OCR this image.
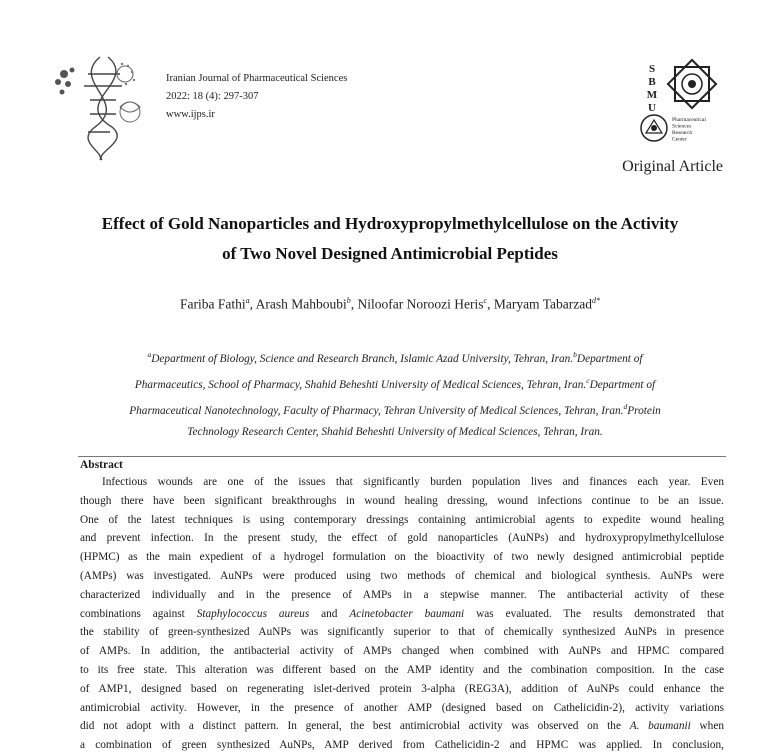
Iranian Journal of Pharmaceutical Sciences
2022: 18 (4): 297-307
www.ijps.ir
S
B
M
U
Pharmaceutical
Sciences
Research
Center
Original Article
Effect of Gold Nanoparticles and Hydroxypropylmethylcellulose on the Activity
of Two Novel Designed Antimicrobial Peptides
Fariba Fathi$^a$, Arash Mahboubi$^b$, Niloofar Noroozi Heris$^c$, Maryam Tabarzad$^{d*}$
$^a$Department of Biology, Science and Research Branch, Islamic Azad University, Tehran, Iran.$^b$Department of
Pharmaceutics, School of Pharmacy, Shahid Beheshti University of Medical Sciences, Tehran, Iran.$^c$Department of
Pharmaceutical Nanotechnology, Faculty of Pharmacy, Tehran University of Medical Sciences, Tehran, Iran.$^d$Protein
Technology Research Center, Shahid Beheshti University of Medical Sciences, Tehran, Iran.
Abstract
Infectious wounds are one of the issues that significantly burden population lives and finances each year. Even
though there have been significant breakthroughs in wound healing dressing, wound infections continue to be an issue.
One of the latest techniques is using contemporary dressings containing antimicrobial agents to expedite wound healing
and prevent infection. In the present study, the effect of gold nanoparticles (AuNPs) and hydroxypropylmethylcellulose
(HPMC) as the main expedient of a hydrogel formulation on the bioactivity of two newly designed antimicrobial peptide
(AMPs) was investigated. AuNPs were produced using two methods of chemical and biological synthesis. AuNPs were
characterized individually and in the presence of AMPs in a stepwise manner. The antibacterial activity of these
combinations against Staphylococcus aureus and Acinetobacter baumani was evaluated. The results demonstrated that
the stability of green-synthesized AuNPs was significantly superior to that of chemically synthesized AuNPs in presence
of AMPs. In addition, the antibacterial activity of AMPs changed when combined with AuNPs and HPMC compared
to its free state. This alteration was different based on the AMP identity and the combination composition. In the case
of AMP1, designed based on regenerating islet-derived protein 3-alpha (REG3A), addition of AuNPs could enhance the
antimicrobial activity. However, in the presence of another AMP (designed based on Cathelicidin-2), activity variations
did not adopt with a distinct pattern. In general, the best antimicrobial activity was observed on the A. baumanii when
a combination of green synthesized AuNPs, AMP derived from Cathelicidin-2 and HPMC was applied. In conclusion,
